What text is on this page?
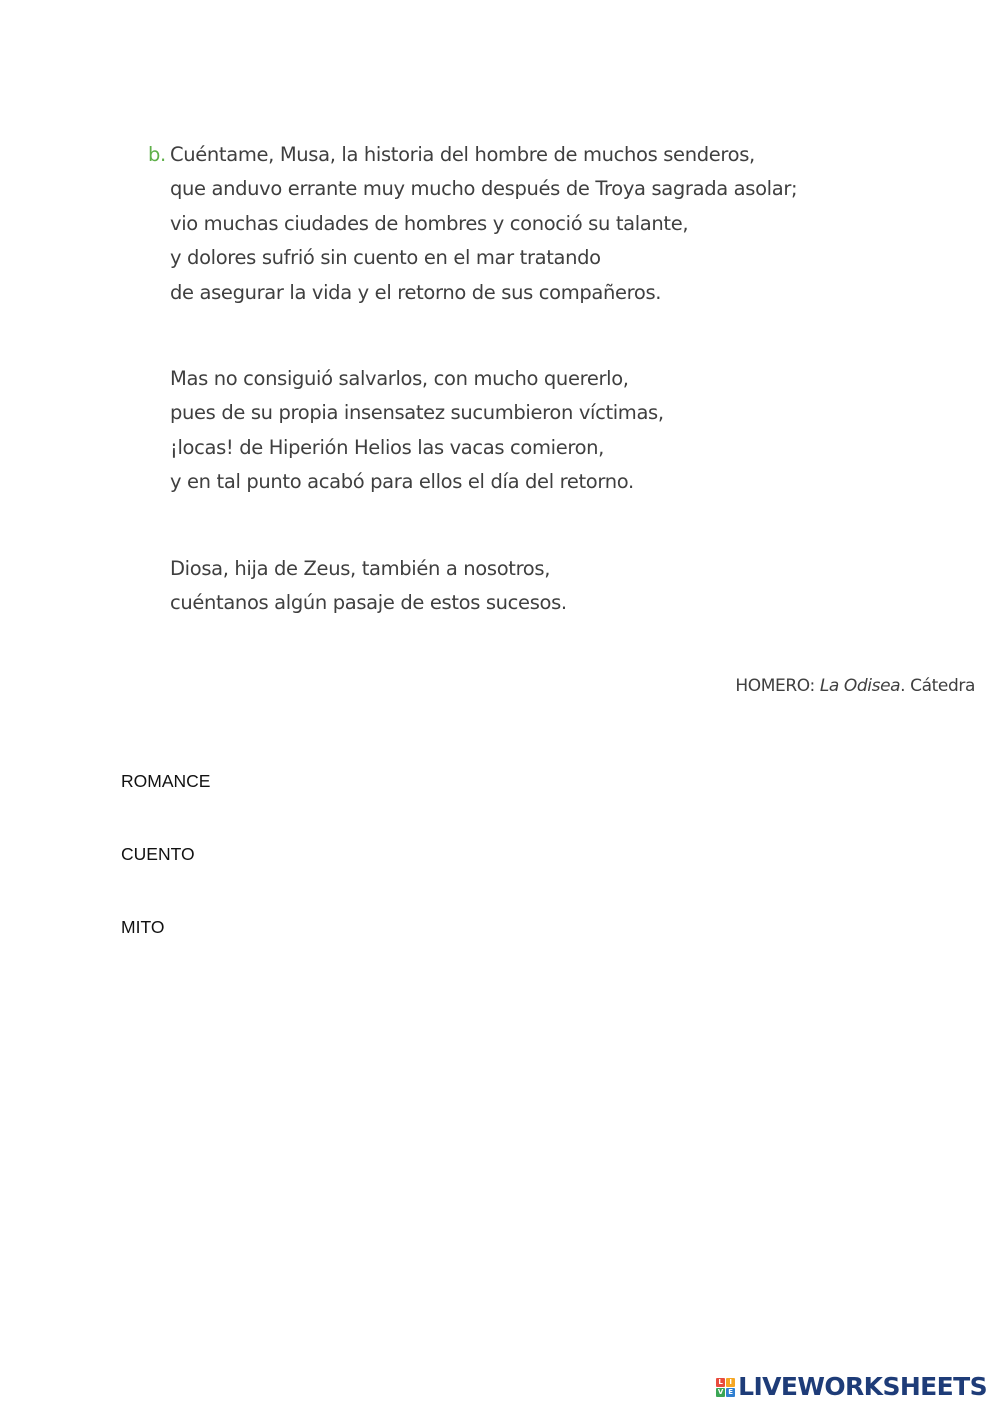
b. Cuéntame, Musa, la historia del hombre de muchos senderos,
que anduvo errante muy mucho después de Troya sagrada asolar;
vio muchas ciudades de hombres y conoció su talante,
y dolores sufrió sin cuento en el mar tratando
de asegurar la vida y el retorno de sus compañeros.
Mas no consiguió salvarlos, con mucho quererlo,
pues de su propia insensatez sucumbieron víctimas,
¡locas! de Hiperión Helios las vacas comieron,
y en tal punto acabó para ellos el día del retorno.
Diosa, hija de Zeus, también a nosotros,
cuéntanos algún pasaje de estos sucesos.
HOMERO: La Odisea. Cátedra
ROMANCE
CUENTO
MITO
L I
V E LIVEWORKSHEETS
